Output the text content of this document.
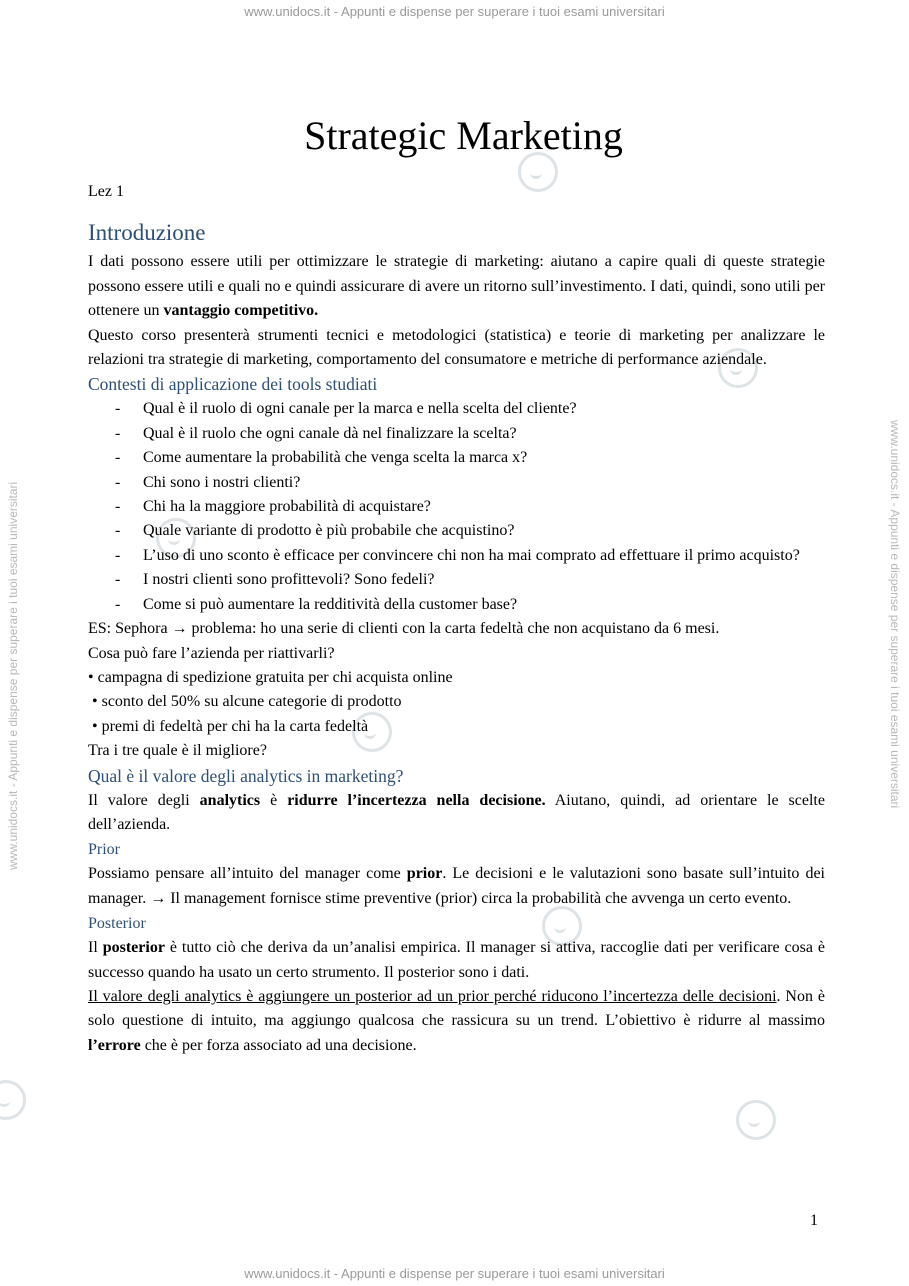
www.unidocs.it - Appunti e dispense per superare i tuoi esami universitari
www.unidocs.it - Appunti e dispense per superare i tuoi esami universitari
www.unidocs.it - Appunti e dispense per superare i tuoi esami universitari	www.unidocs.it - Appunti e dispense per superare i tuoi esami universitari
Strategic Marketing
Lez 1
Introduzione

I dati possono essere utili per ottimizzare le strategie di marketing: aiutano a capire quali di queste strategie possono essere utili e quali no e quindi assicurare di avere un ritorno sull’investimento. I dati, quindi, sono utili per ottenere un vantaggio competitivo.

Questo corso presenterà strumenti tecnici e metodologici (statistica) e teorie di marketing per analizzare le relazioni tra strategie di marketing, comportamento del consumatore e metriche di performance aziendale.

Contesti di applicazione dei tools studiati
- Qual è il ruolo di ogni canale per la marca e nella scelta del cliente?
- Qual è il ruolo che ogni canale dà nel finalizzare la scelta?
- Come aumentare la probabilità che venga scelta la marca x?
- Chi sono i nostri clienti?
- Chi ha la maggiore probabilità di acquistare?
- Quale variante di prodotto è più probabile che acquistino?
- L’uso di uno sconto è efficace per convincere chi non ha mai comprato ad effettuare il primo acquisto?
- I nostri clienti sono profittevoli? Sono fedeli?
- Come si può aumentare la redditività della customer base?

ES: Sephora → problema: ho una serie di clienti con la carta fedeltà che non acquistano da 6 mesi.

Cosa può fare l’azienda per riattivarli?

• campagna di spedizione gratuita per chi acquista online
• sconto del 50% su alcune categorie di prodotto
• premi di fedeltà per chi ha la carta fedeltà

Tra i tre quale è il migliore?

Qual è il valore degli analytics in marketing?

Il valore degli analytics è ridurre l’incertezza nella decisione. Aiutano, quindi, ad orientare le scelte dell’azienda.

Prior

Possiamo pensare all’intuito del manager come prior. Le decisioni e le valutazioni sono basate sull’intuito dei manager. → Il management fornisce stime preventive (prior) circa la probabilità che avvenga un certo evento.

Posterior

Il posterior è tutto ciò che deriva da un’analisi empirica. Il manager si attiva, raccoglie dati per verificare cosa è successo quando ha usato un certo strumento. Il posterior sono i dati.

Il valore degli analytics è aggiungere un posterior ad un prior perché riducono l’incertezza delle decisioni. Non è solo questione di intuito, ma aggiungo qualcosa che rassicura su un trend. L’obiettivo è ridurre al massimo l’errore che è per forza associato ad una decisione.

1
